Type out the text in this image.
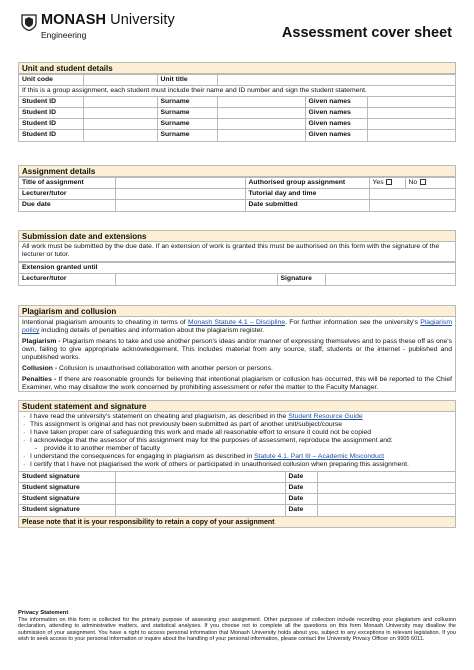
MONASH University
Engineering	Assessment cover sheet
Unit and student details
Unit code		Unit title			
If this is a group assignment, each student must include their name and ID number and sign the student statement.					
Student ID		Surname		Given names	
Student ID		Surname		Given names	
Student ID		Surname		Given names	
Student ID		Surname		Given names	
Assignment details
Title of assignment		Authorised group assignment	Yes	No
Lecturer/tutor		Tutorial day and time		
Due date		Date submitted		
Submission date and extensions
All work must be submitted by the due date. If an extension of work is granted this must be authorised on this form with the signature of the lecturer or tutor.
Extension granted until
Lecturer/tutor		Signature	
Plagiarism and collusion

Intentional plagiarism amounts to cheating in terms of Monash Statute 4.1 – Discipline. For further information see the university's Plagiarism policy including details of penalties and information about the plagiarism register.

Plagiarism - Plagiarism means to take and use another person's ideas and/or manner of expressing themselves and to pass these off as one's own, failing to give appropriate acknowledgement. This includes material from any source, staff, students or the internet - published and unpublished works.

Collusion - Collusion is unauthorised collaboration with another person or persons.

Penalties - If there are reasonable grounds for believing that intentional plagiarism or collusion has occurred, this will be reported to the Chief Examiner, who may disallow the work concerned by prohibiting assessment or refer the matter to the Faculty Manager.

Student statement and signature
· I have read the university's statement on cheating and plagiarism, as described in the Student Resource Guide
· This assignment is original and has not previously been submitted as part of another unit/subject/course
· I have taken proper care of safeguarding this work and made all reasonable effort to ensure it could not be copied
· I acknowledge that the assessor of this assignment may for the purposes of assessment, reproduce the assignment and:
- provide it to another member of faculty
· I understand the consequences for engaging in plagiarism as described in Statute 4.1. Part III – Academic Misconduct
· I certify that I have not plagiarised the work of others or participated in unauthorised collusion when preparing this assignment.
Student signature		Date	
Student signature		Date	
Student signature		Date	
Student signature		Date	
Please note that it is your responsibility to retain a copy of your assignment
Privacy Statement

The information on this form is collected for the primary purpose of assessing your assignment. Other purposes of collection include recording your plagiarism and collusion declaration, attending to administrative matters, and statistical analyses. If you choose not to complete all the questions on this form Monash University may disallow the submission of your assignment. You have a right to access personal information that Monash University holds about you, subject to any exceptions in relevant legislation. If you wish to seek access to your personal information or inquire about the handling of your personal information, please contact the University Privacy Officer on 9905 6011.
